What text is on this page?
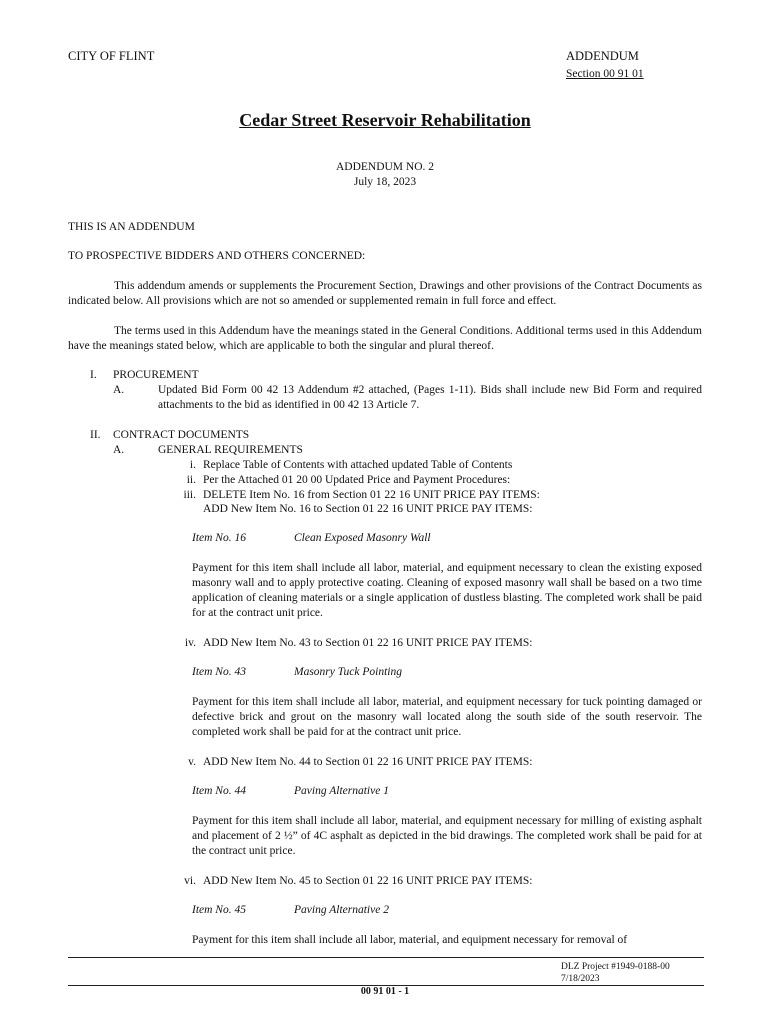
CITY OF FLINT	ADDENDUM
Section 00 91 01
Cedar Street Reservoir Rehabilitation
ADDENDUM NO. 2
July 18, 2023
THIS IS AN ADDENDUM
TO PROSPECTIVE BIDDERS AND OTHERS CONCERNED:
This addendum amends or supplements the Procurement Section, Drawings and other provisions of the Contract Documents as indicated below. All provisions which are not so amended or supplemented remain in full force and effect.
The terms used in this Addendum have the meanings stated in the General Conditions. Additional terms used in this Addendum have the meanings stated below, which are applicable to both the singular and plural thereof.
I. PROCUREMENT
A.	Updated Bid Form 00 42 13 Addendum #2 attached, (Pages 1-11). Bids shall include new Bid Form and required attachments to the bid as identified in 00 42 13 Article 7.
II. CONTRACT DOCUMENTS
A.	GENERAL REQUIREMENTS
i. Replace Table of Contents with attached updated Table of Contents
ii. Per the Attached 01 20 00 Updated Price and Payment Procedures:
iii. DELETE Item No. 16 from Section 01 22 16 UNIT PRICE PAY ITEMS:
ADD New Item No. 16 to Section 01 22 16 UNIT PRICE PAY ITEMS:
Item No. 16	Clean Exposed Masonry Wall
Payment for this item shall include all labor, material, and equipment necessary to clean the existing exposed masonry wall and to apply protective coating. Cleaning of exposed masonry wall shall be based on a two time application of cleaning materials or a single application of dustless blasting. The completed work shall be paid for at the contract unit price.
iv. ADD New Item No. 43 to Section 01 22 16 UNIT PRICE PAY ITEMS:
Item No. 43	Masonry Tuck Pointing
Payment for this item shall include all labor, material, and equipment necessary for tuck pointing damaged or defective brick and grout on the masonry wall located along the south side of the south reservoir. The completed work shall be paid for at the contract unit price.
v. ADD New Item No. 44 to Section 01 22 16 UNIT PRICE PAY ITEMS:
Item No. 44	Paving Alternative 1
Payment for this item shall include all labor, material, and equipment necessary for milling of existing asphalt and placement of 2 ½” of 4C asphalt as depicted in the bid drawings. The completed work shall be paid for at the contract unit price.
vi. ADD New Item No. 45 to Section 01 22 16 UNIT PRICE PAY ITEMS:
Item No. 45	Paving Alternative 2
Payment for this item shall include all labor, material, and equipment necessary for removal of
DLZ Project #1949-0188-00
7/18/2023
00 91 01 - 1
